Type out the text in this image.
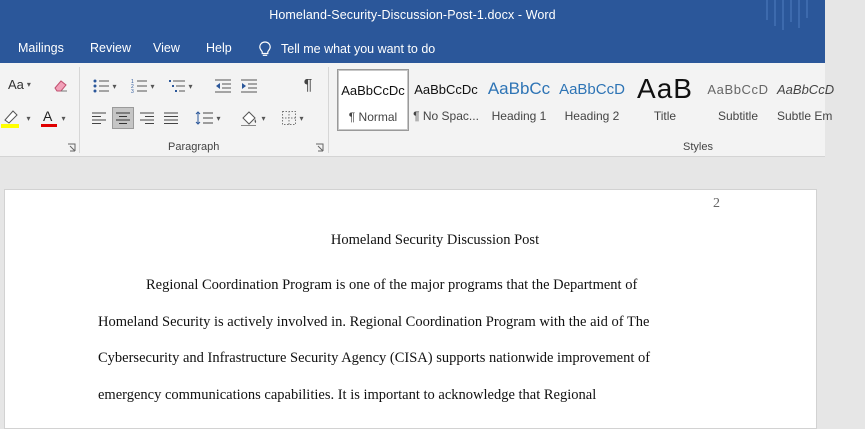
Homeland-Security-Discussion-Post-1.docx - Word
Mailings Review View Help	Tell me what you want to do
Aa ▾
▾ A ▾
▾	1
2
3
▾	▾	¶
▾	▾	▾
Paragraph
AaBbCcDc
¶ Normal
AaBbCcDc
¶ No Spac...
AaBbCc
Heading 1
AaBbCcD
Heading 2
AaB
Title
AaBbCcD
Subtitle
AaBbCcD
Subtle Em
Styles
2
Homeland Security Discussion Post
Regional Coordination Program is one of the major programs that the Department of
Homeland Security is actively involved in. Regional Coordination Program with the aid of The
Cybersecurity and Infrastructure Security Agency (CISA) supports nationwide improvement of
emergency communications capabilities. It is important to acknowledge that Regional
